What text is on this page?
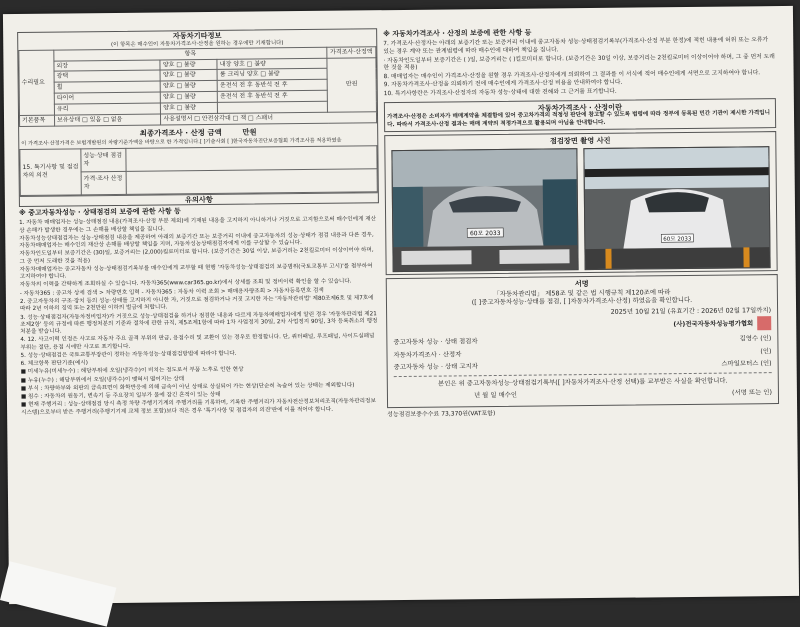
자동차기타정보
(이 항목은 매수인이 자동차가격조사·산정을 원하는 경우에만 기재합니다)
수리필요	항목			가격조사·산정액
	외장	양호 □ 불량	내장 양호 □ 불량	만원
	광택	양호 □ 불량	룸 크리닝 양호 □ 불량	
	휠	양호 □ 불량	운전석 전 후 동반석 전 후	
	타이어	양호 □ 불량	운전석 전 후 동반석 전 후	
	유리	양호 □ 불량		
기본품목	보유상태 □ 있음 □ 없음	사용설명서 □ 안전삼각대 □ 잭 □ 스패너		
최종가격조사 · 산정 금액	만원
이 가격조사·산정가격은 보험개발원의 차량기준가액을 바탕으로 한 가격입니다.[ ]기술사회 [ ]한국자동차진단보증협회 가격조사를 적용하였음
15. 특기사항 및 점검자의 의견	성능·상태 점검자	
	가격·조사 산정자	
유의사항
※ 중고자동차성능 · 상태점검의 보증에 관한 사항 등
1. 자동차 매매업자는 성능·상태점검 내용(가격조사·산정 부분 제외)에 기재된 내용을 고지하지 아니하거나 거짓으로 고지함으로써 매수인에게 재산상 손해가 발생한 경우에는 그 손해를 배상할 책임을 집니다.
자동차성능상태점검자는 성능·상태점검 내용을 제공하여 아래의 보증기간 또는 보증거리 이내에 중고자동차의 성능·상태가 점검 내용과 다른 경우, 자동차매매업자는 매수인의 재산상 손해를 배상할 책임을 지며, 자동차성능상태점검자에게 이를 구상할 수 있습니다.
자동차인도일부터 보증기간은 (30)일, 보증거리는 (2,000)킬로미터로 합니다. (보증기간은 30일 이상, 보증거리는 2천킬로미터 이상이어야 하며, 그 중 먼저 도래한 것을 적용)
자동차매매업자는 중고자동차 성능·상태점검기록부를 매수인에게 교부할 때 현행 '자동차성능·상태점검의 보증범위(국토교통부 고시)'를 첨부하여 고지하여야 합니다.
자동차의 이력을 간략하게 조회하실 수 있습니다. 자동차365(www.car365.go.kr)에서 상세를 조회 및 정비이력 확인을 할 수 있습니다.
- 자동차365 : 중고차 상세 검색 > 차량번호 입력 - 자동차365 : 자동차 이력 조회 > 매매용자량조회 > 자동차등록번호 검색
2. 중고자동차의 구조·장치 등의 성능·상태를 고지하지 아니한 자, 거짓으로 점검하거나 거짓 고지한 자는 '자동차관리법' 제80조제6호 및 제7호에 따라 2년 이하의 징역 또는 2천만원 이하의 벌금에 처합니다.
3. 성능·상태점검자(자동차정비업자)가 거짓으로 성능·상태점검을 하거나 점검한 내용과 다르게 자동차매매업자에게 알린 경우 '자동차관리법 제21조제2항' 등의 규정에 따른 행정처분의 기준과 절차에 관한 규칙, 제5조제1항에 따라 1차 사업정지 30일, 2차 사업정지 90일, 3차 등록취소의 행정처분을 받습니다.
4. 12. 사고이력 인정은 사고로 자동차 주요 골격 부위의 판금, 용접수리 및 교환이 있는 경우로 한정합니다. 단, 쿼터패널, 루프패널, 사이드실패널 부위는 절단, 용접 시에만 사고로 표기합니다.
5. 성능·상태점검은 국토교통부장관이 정하는 자동차성능·상태점검방법에 따라야 합니다.
6. 체크항목 판단기준(예시)
■ 미세누유(미세누수) : 해당부위에 오일(냉각수)이 비치는 정도로서 부품 노후로 인한 현상
■ 누유(누수) : 해당부위에서 오일(냉각수)이 맺혀서 떨어지는 상태
■ 부식 : 차량하부와 외판의 금속표면이 화학반응에 의해 금속이 아닌 상태로 상실되어 가는 현상(단순히 녹슬어 있는 상태는 제외합니다)
■ 침수 : 자동차의 원동기, 변속기 등 주요장치 일부가 물에 잠긴 흔적이 있는 상태
■ 현재 주행거리 : 성능·상태점검 당시 측정 차량 주행기기계의 주행거리를 기록하며, 기록한 주행거리가 자동차전산정보처리조직(자동차관리정보시스템)으로부터 받은 주행거리(주행기기계 교체 정보 포함)보다 적은 경우 '특기사항 및 점검자의 의견'란에 이를 적어야 합니다.
※ 자동차가격조사 · 산정의 보증에 관한 사항 등
7. 가격조사·산정자는 아래의 보증기간 또는 보증거리 이내에 중고자동차 성능·상태점검기록부(가격조사·산정 부분 한정)에 적힌 내용에 허위 또는 오류가 있는 경우 계약 또는 관계법령에 따라 매수인에 대하여 책임을 집니다.
· 자동차인도일부터 보증기간은 ( )일, 보증거리는 ( )킬로미터로 합니다. (보증기간은 30일 이상, 보증거리는 2천킬로미터 이상이어야 하며, 그 중 먼저 도래한 것을 적용)
8. 매매업자는 매수인이 가격조사·산정을 원할 경우 가격조사·산정자에게 의뢰하여 그 결과를 이 서식에 적어 매수인에게 서면으로 고지하여야 합니다.
9. 자동차가격조사·산정을 의뢰하기 전에 매수인에게 가격조사·산정 비용을 안내하여야 합니다.
10. 특기사항란은 가격조사·산정자의 자동차 성능·상태에 대한 견해와 그 근거를 표기합니다.
자동차가격조사 · 산정이란
가격조사·산정은 소비자가 매매계약을 체결함에 있어 중고차가격의 적정성 판단에 참고할 수 있도록 법령에 따라 정부에 등록된 민간 기관이 제시한 가격입니다. 따라서 가격조사·산정 결과는 매매 계약의 적정가격으로 활용되며 아님을 안내합니다.
점검장면 촬영 사진
60모 2033
60모 2033
서명
「자동차관리법」 제58조 및 같은 법 시행규칙 제120조에 따라
([ ]중고자동차성능·상태를 점검, [ ]자동차가격조사·산정) 하였음을 확인합니다.
2025년 10월 21일 (유효기간 : 2026년 02월 17일까지)
(사)전국자동차성능평가협회
중고자동차 성능 · 상태 점검자	김영수 (인)
자동차가격조사 · 산정자	(인)
중고자동차 성능 · 상태 고지자	스마일모터스 (인)
본인은 위 중고자동차성능·상태점검기록부([ ]자동차가격조사·산정 선택)를 교부받은 사실을 확인합니다.
년 월 일 매수인	(서명 또는 인)
성능점검보증수수료 73,370원(VAT포함)
